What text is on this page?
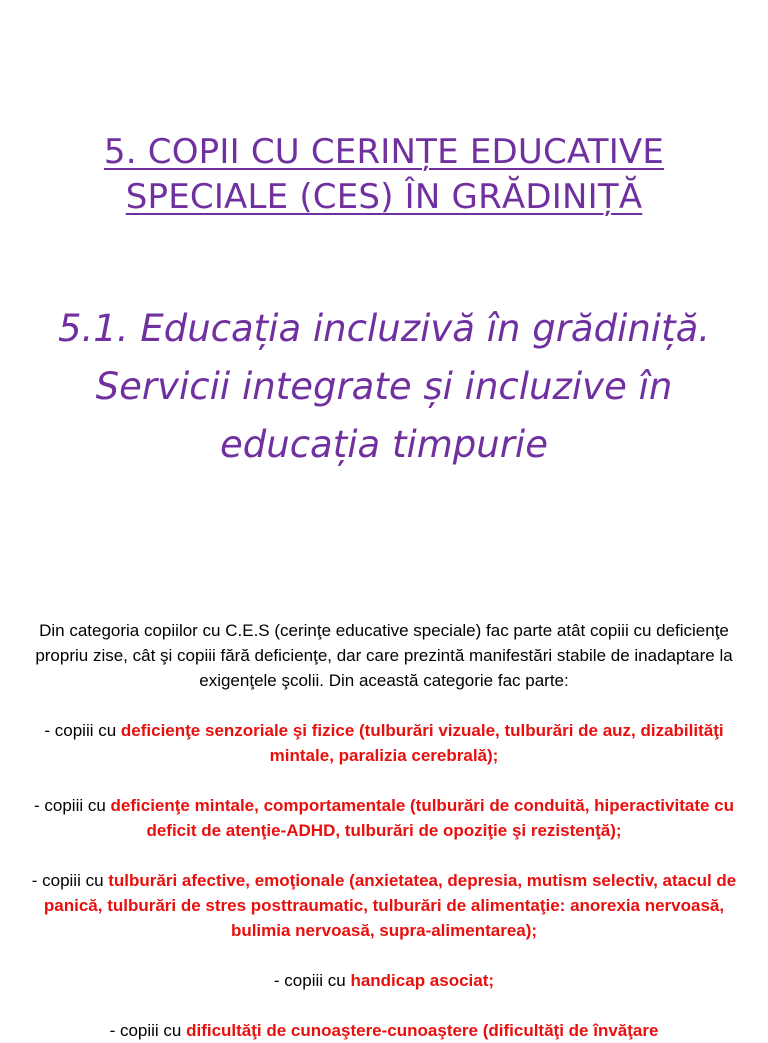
5. COPII CU CERINȚE EDUCATIVE
SPECIALE (CES) ÎN GRĂDINIȚĂ
5.1. Educația incluzivă în grădiniță.
Servicii integrate și incluzive în
educația timpurie

Din categoria copiilor cu C.E.S (cerinţe educative speciale) fac parte atât copiii cu deficienţe propriu zise, cât şi copiii fără deficienţe, dar care prezintă manifestări stabile de inadaptare la exigenţele şcolii. Din această categorie fac parte:

- copiii cu deficienţe senzoriale şi fizice (tulburări vizuale, tulburări de auz, dizabilităţi mintale, paralizia cerebrală);

- copiii cu deficienţe mintale, comportamentale (tulburări de conduită, hiperactivitate cu deficit de atenţie-ADHD, tulburări de opoziţie şi rezistenţă);

- copiii cu tulburări afective, emoţionale (anxietatea, depresia, mutism selectiv, atacul de panică, tulburări de stres posttraumatic, tulburări de alimentaţie: anorexia nervoasă, bulimia nervoasă, supra-alimentarea);

- copiii cu handicap asociat;

- copiii cu dificultăţi de cunoaştere-cunoaştere (dificultăţi de învăţare
